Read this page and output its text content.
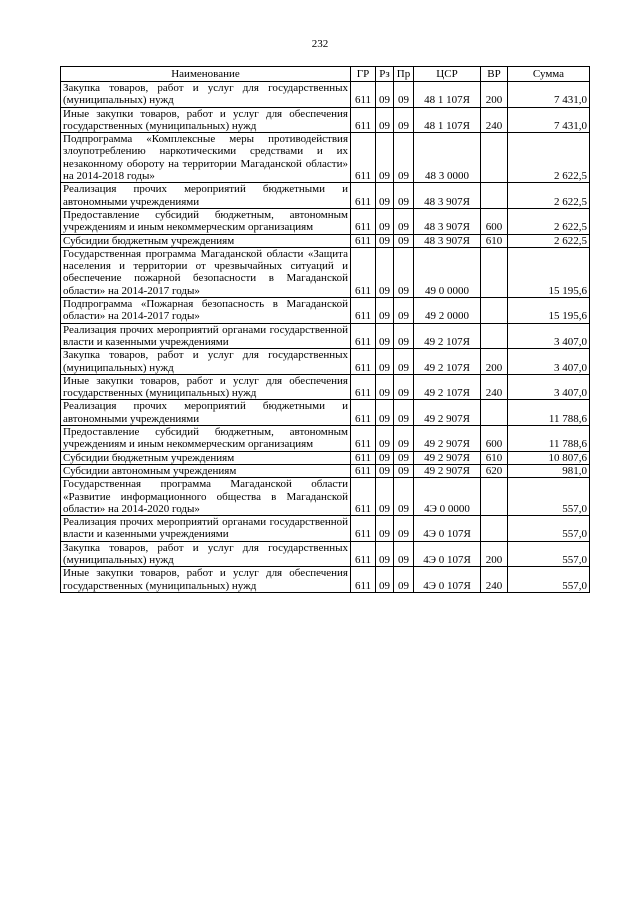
232
Наименование	ГР	Рз	Пр	ЦСР	ВР	Сумма
Закупка товаров, работ и услуг для государственных (муниципальных) нужд	611	09	09	48 1 107Я	200	7 431,0
Иные закупки товаров, работ и услуг для обеспечения государственных (муниципальных) нужд	611	09	09	48 1 107Я	240	7 431,0
Подпрограмма «Комплексные меры противодействия злоупотреблению наркотическими средствами и их незаконному обороту на территории Магаданской области» на 2014-2018 годы»	611	09	09	48 3 0000		2 622,5
Реализация прочих мероприятий бюджетными и автономными учреждениями	611	09	09	48 3 907Я		2 622,5
Предоставление субсидий бюджетным, автономным учреждениям и иным некоммерческим организациям	611	09	09	48 3 907Я	600	2 622,5
Субсидии бюджетным учреждениям	611	09	09	48 3 907Я	610	2 622,5
Государственная программа Магаданской области «Защита населения и территории от чрезвычайных ситуаций и обеспечение пожарной безопасности в Магаданской области» на 2014-2017 годы»	611	09	09	49 0 0000		15 195,6
Подпрограмма «Пожарная безопасность в Магаданской области» на 2014-2017 годы»	611	09	09	49 2 0000		15 195,6
Реализация прочих мероприятий органами государственной власти и казенными учреждениями	611	09	09	49 2 107Я		3 407,0
Закупка товаров, работ и услуг для государственных (муниципальных) нужд	611	09	09	49 2 107Я	200	3 407,0
Иные закупки товаров, работ и услуг для обеспечения государственных (муниципальных) нужд	611	09	09	49 2 107Я	240	3 407,0
Реализация прочих мероприятий бюджетными и автономными учреждениями	611	09	09	49 2 907Я		11 788,6
Предоставление субсидий бюджетным, автономным учреждениям и иным некоммерческим организациям	611	09	09	49 2 907Я	600	11 788,6
Субсидии бюджетным учреждениям	611	09	09	49 2 907Я	610	10 807,6
Субсидии автономным учреждениям	611	09	09	49 2 907Я	620	981,0
Государственная программа Магаданской области «Развитие информационного общества в Магаданской области» на 2014-2020 годы»	611	09	09	4Э 0 0000		557,0
Реализация прочих мероприятий органами государственной власти и казенными учреждениями	611	09	09	4Э 0 107Я		557,0
Закупка товаров, работ и услуг для государственных (муниципальных) нужд	611	09	09	4Э 0 107Я	200	557,0
Иные закупки товаров, работ и услуг для обеспечения государственных (муниципальных) нужд	611	09	09	4Э 0 107Я	240	557,0
